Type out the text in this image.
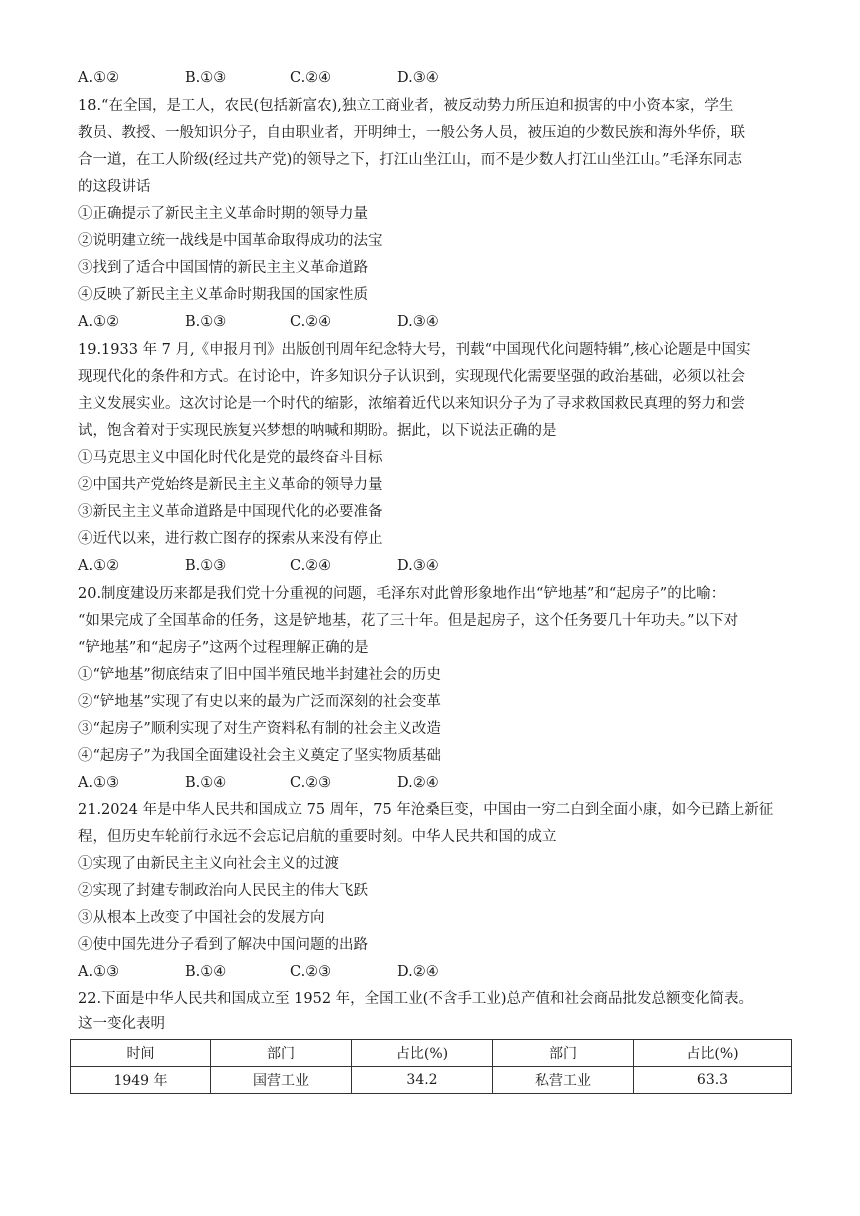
A.①②	B.①③	C.②④	D.③④
18.“在全国，是工人，农民(包括新富农),独立工商业者，被反动势力所压迫和损害的中小资本家，学生
教员、教授、一般知识分子，自由职业者，开明绅士，一般公务人员，被压迫的少数民族和海外华侨，联
合一道，在工人阶级(经过共产党)的领导之下，打江山坐江山，而不是少数人打江山坐江山。”毛泽东同志
的这段讲话
①正确提示了新民主主义革命时期的领导力量
②说明建立统一战线是中国革命取得成功的法宝
③找到了适合中国国情的新民主主义革命道路
④反映了新民主主义革命时期我国的国家性质
A.①②	B.①③	C.②④	D.③④
19.1933 年 7 月,《申报月刊》出版创刊周年纪念特大号，刊载“中国现代化问题特辑”,核心论题是中国实
现现代化的条件和方式。在讨论中，许多知识分子认识到，实现现代化需要坚强的政治基础，必须以社会
主义发展实业。这次讨论是一个时代的缩影，浓缩着近代以来知识分子为了寻求救国救民真理的努力和尝
试，饱含着对于实现民族复兴梦想的呐喊和期盼。据此，以下说法正确的是
①马克思主义中国化时代化是党的最终奋斗目标
②中国共产党始终是新民主主义革命的领导力量
③新民主主义革命道路是中国现代化的必要准备
④近代以来，进行救亡图存的探索从来没有停止
A.①②	B.①③	C.②④	D.③④
20.制度建设历来都是我们党十分重视的问题，毛泽东对此曾形象地作出“铲地基”和“起房子”的比喻：
“如果完成了全国革命的任务，这是铲地基，花了三十年。但是起房子，这个任务要几十年功夫。”以下对
“铲地基”和“起房子”这两个过程理解正确的是
①“铲地基”彻底结束了旧中国半殖民地半封建社会的历史
②“铲地基”实现了有史以来的最为广泛而深刻的社会变革
③“起房子”顺利实现了对生产资料私有制的社会主义改造
④“起房子”为我国全面建设社会主义奠定了坚实物质基础
A.①③	B.①④	C.②③	D.②④
21.2024 年是中华人民共和国成立 75 周年，75 年沧桑巨变，中国由一穷二白到全面小康，如今已踏上新征
程，但历史车轮前行永远不会忘记启航的重要时刻。中华人民共和国的成立
①实现了由新民主主义向社会主义的过渡
②实现了封建专制政治向人民民主的伟大飞跃
③从根本上改变了中国社会的发展方向
④使中国先进分子看到了解决中国问题的出路
A.①③	B.①④	C.②③	D.②④
22.下面是中华人民共和国成立至 1952 年，全国工业(不含手工业)总产值和社会商品批发总额变化简表。
这一变化表明
时间	部门	占比(%)	部门	占比(%)
1949 年	国营工业	34.2	私营工业	63.3
